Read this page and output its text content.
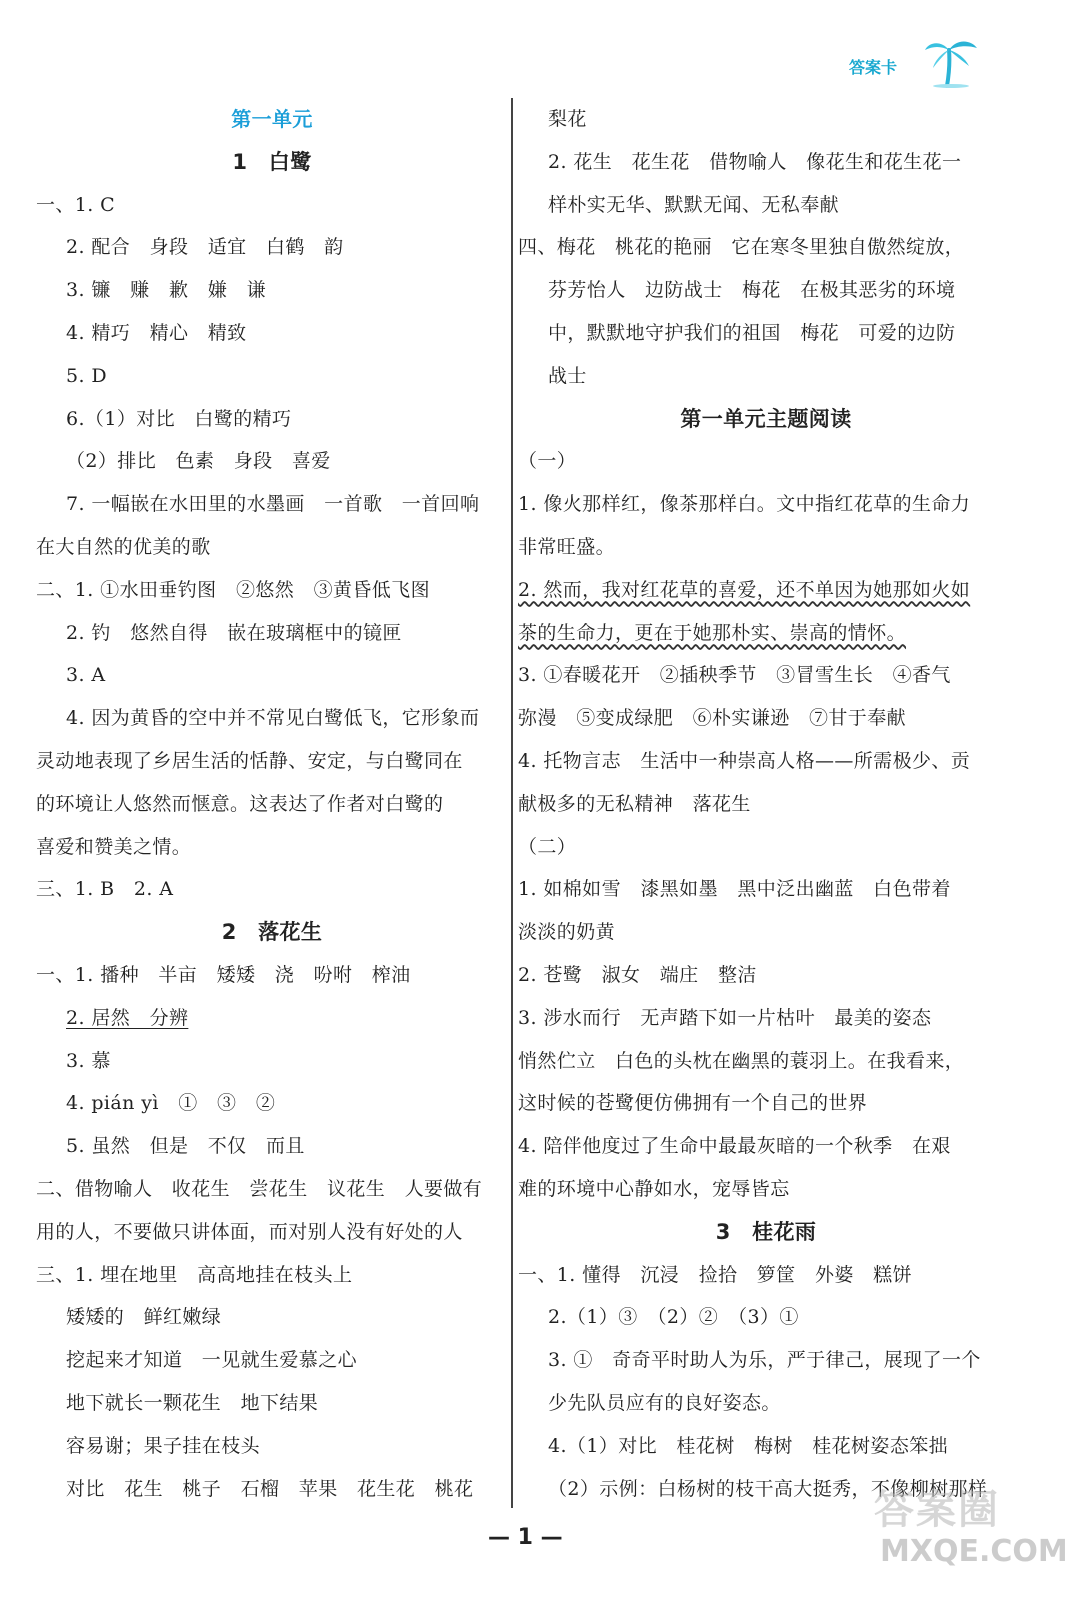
答案卡
第一单元
1　白鹭
一、1. C
2. 配合　身段　适宜　白鹤　韵
3. 镰　赚　歉　嫌　谦
4. 精巧　精心　精致
5. D
6.（1）对比　白鹭的精巧
（2）排比　色素　身段　喜爱
7. 一幅嵌在水田里的水墨画　一首歌　一首回响
在大自然的优美的歌
二、1. ①水田垂钓图　②悠然　③黄昏低飞图
2. 钓　悠然自得　嵌在玻璃框中的镜匣
3. A
4. 因为黄昏的空中并不常见白鹭低飞，它形象而
灵动地表现了乡居生活的恬静、安定，与白鹭同在
的环境让人悠然而惬意。这表达了作者对白鹭的
喜爱和赞美之情。
三、1. B　2. A
2　落花生
一、1. 播种　半亩　矮矮　浇　吩咐　榨油
2. 居然　分辨
3. 慕
4. pián yì　①　③　②
5. 虽然　但是　不仅　而且
二、借物喻人　收花生　尝花生　议花生　人要做有
用的人，不要做只讲体面，而对别人没有好处的人
三、1. 埋在地里　高高地挂在枝头上
矮矮的　鲜红嫩绿
挖起来才知道　一见就生爱慕之心
地下就长一颗花生　地下结果
容易谢；果子挂在枝头
对比　花生　桃子　石榴　苹果　花生花　桃花
梨花
2. 花生　花生花　借物喻人　像花生和花生花一
样朴实无华、默默无闻、无私奉献
四、梅花　桃花的艳丽　它在寒冬里独自傲然绽放，
芬芳怡人　边防战士　梅花　在极其恶劣的环境
中，默默地守护我们的祖国　梅花　可爱的边防
战士
第一单元主题阅读
（一）
1. 像火那样红，像茶那样白。文中指红花草的生命力
非常旺盛。
2. 然而，我对红花草的喜爱，还不单因为她那如火如
茶的生命力，更在于她那朴实、崇高的情怀。
3. ①春暖花开　②插秧季节　③冒雪生长　④香气
弥漫　⑤变成绿肥　⑥朴实谦逊　⑦甘于奉献
4. 托物言志　生活中一种崇高人格——所需极少、贡
献极多的无私精神　落花生
（二）
1. 如棉如雪　漆黑如墨　黑中泛出幽蓝　白色带着
淡淡的奶黄
2. 苍鹭　淑女　端庄　整洁
3. 涉水而行　无声踏下如一片枯叶　最美的姿态
悄然伫立　白色的头枕在幽黑的蓑羽上。在我看来，
这时候的苍鹭便仿佛拥有一个自己的世界
4. 陪伴他度过了生命中最最灰暗的一个秋季　在艰
难的环境中心静如水，宠辱皆忘
3　桂花雨
一、1. 懂得　沉浸　捡拾　箩筐　外婆　糕饼
2.（1）③　（2）②　（3）①
3. ①　奇奇平时助人为乐，严于律己，展现了一个
少先队员应有的良好姿态。
4.（1）对比　桂花树　梅树　桂花树姿态笨拙
（2）示例：白杨树的枝干高大挺秀，不像柳树那样
— 1 —
答案圈
MXQE.COM
